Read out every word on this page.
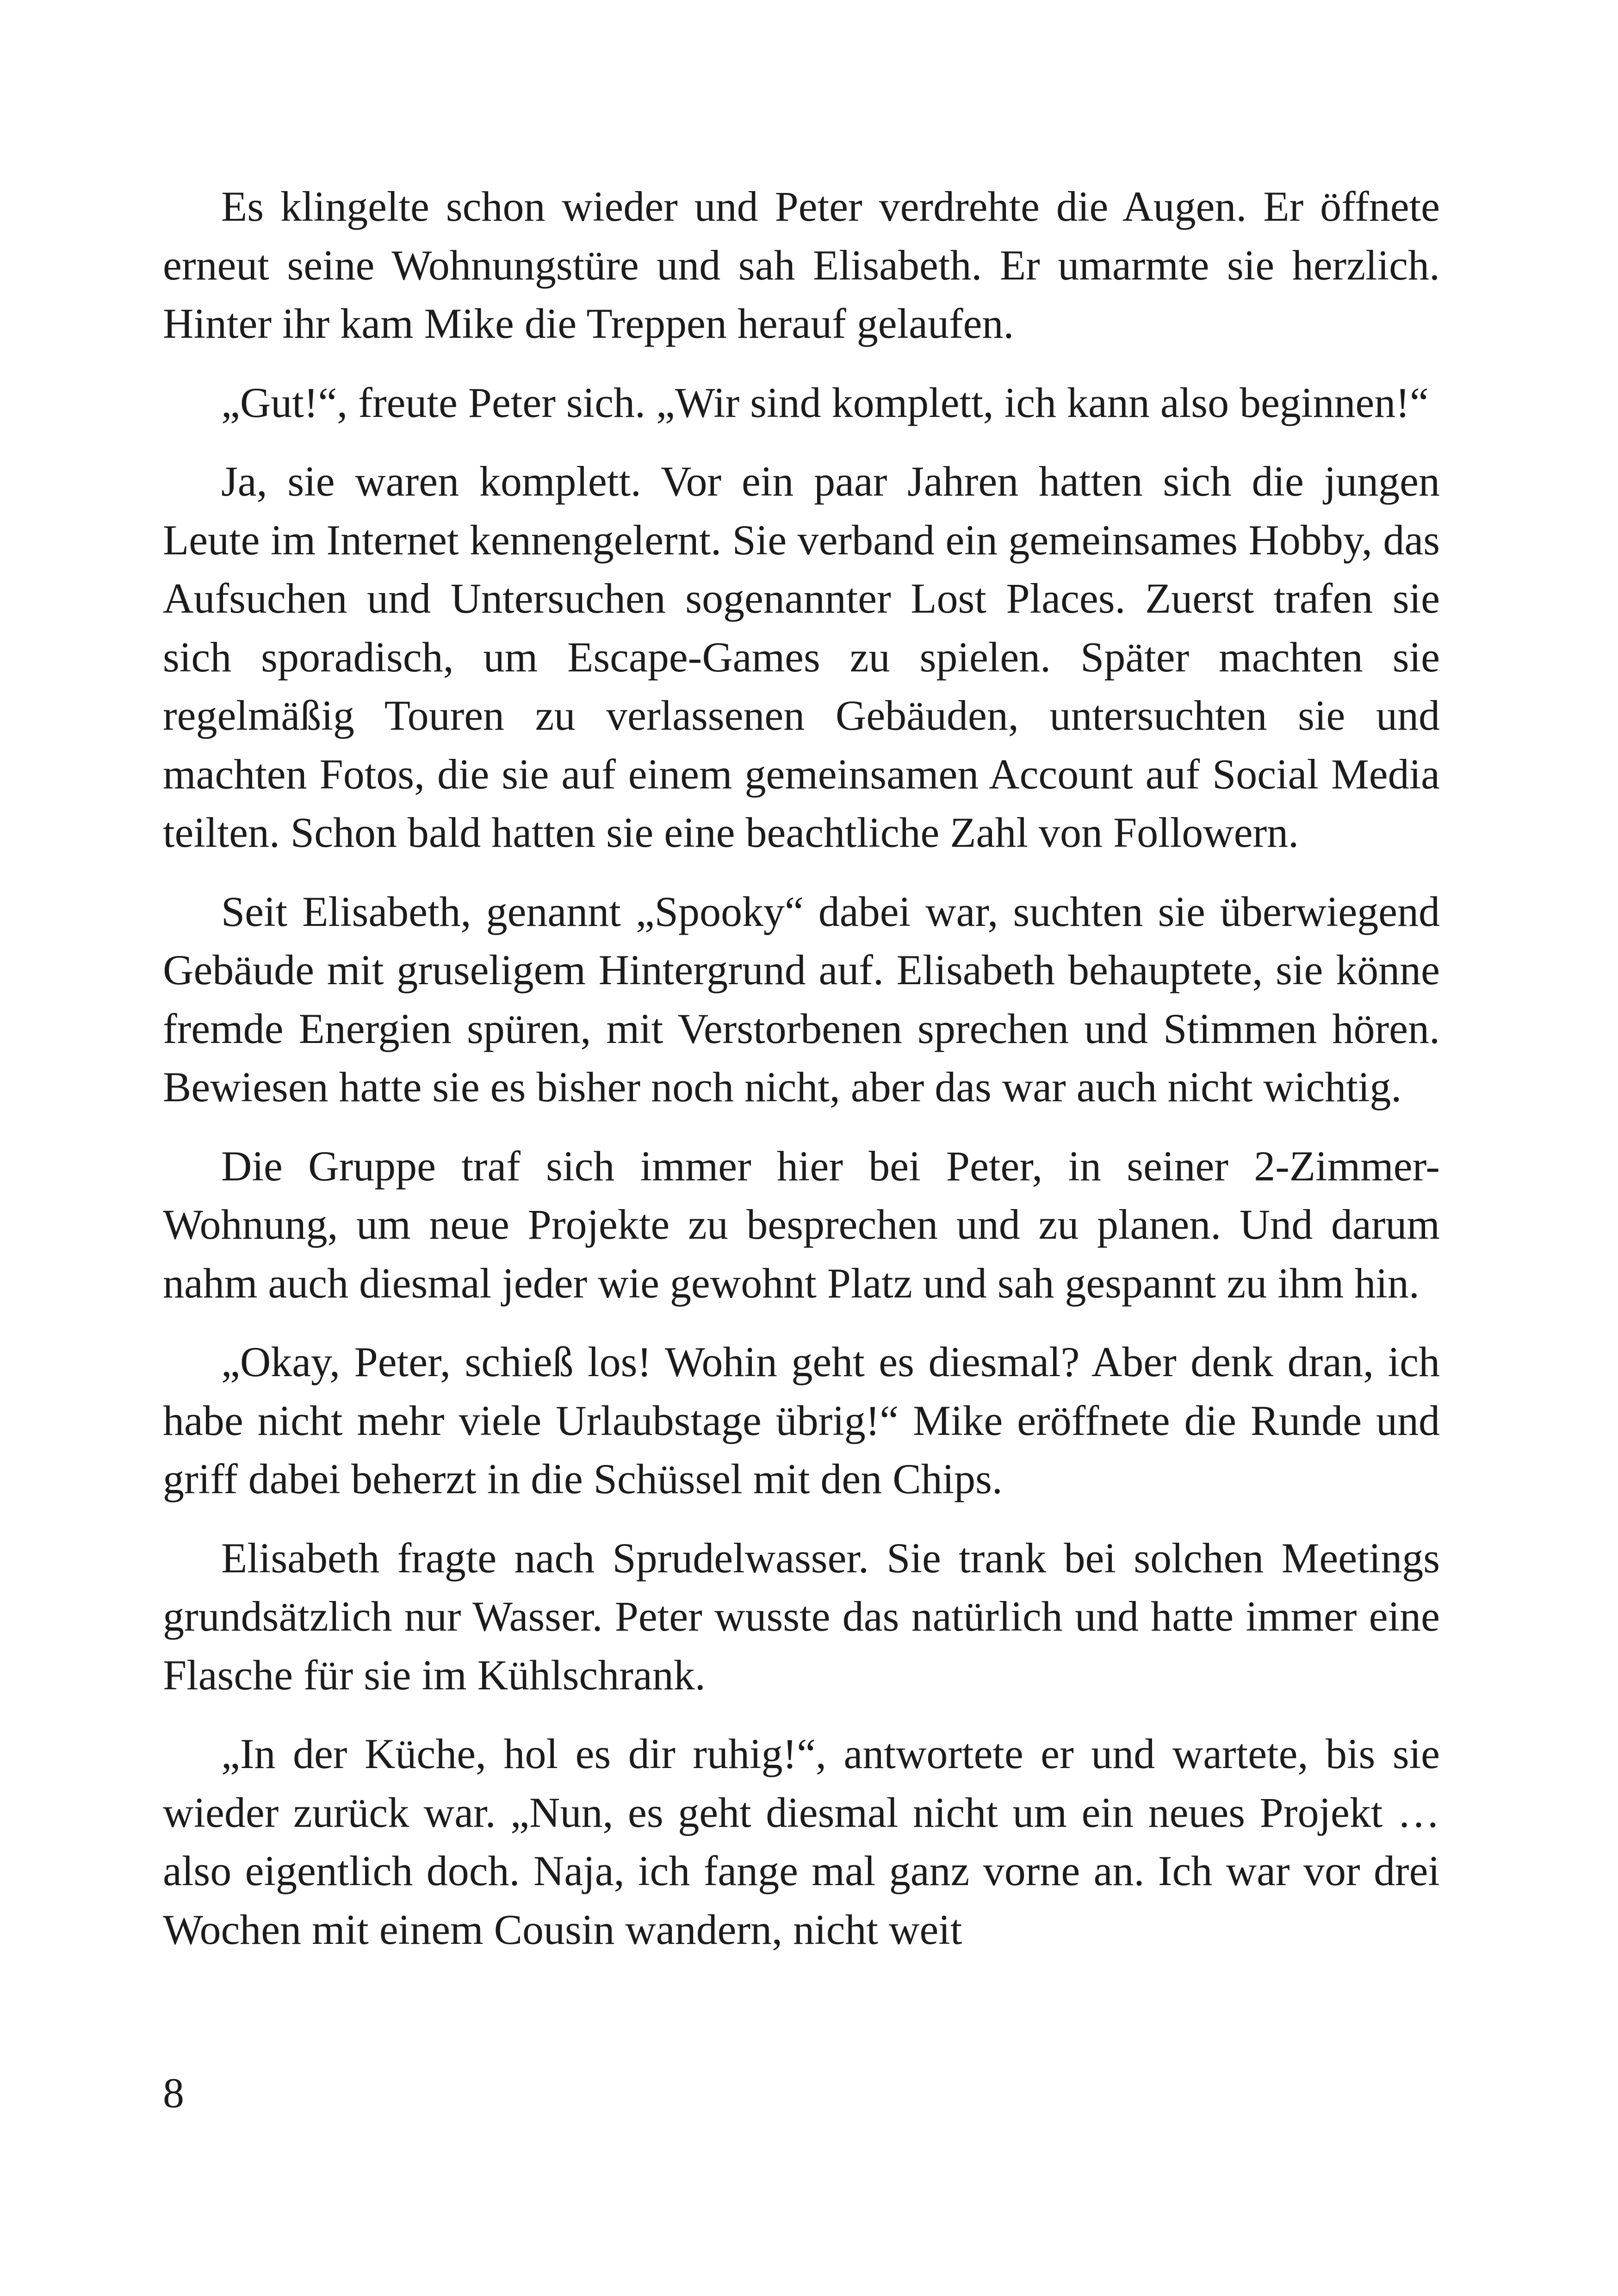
Es klingelte schon wieder und Peter verdrehte die Augen. Er öffnete erneut seine Wohnungstüre und sah Elisabeth. Er umarmte sie herzlich. Hinter ihr kam Mike die Treppen herauf gelaufen.

„Gut!“, freute Peter sich. „Wir sind komplett, ich kann also beginnen!“

Ja, sie waren komplett. Vor ein paar Jahren hatten sich die jungen Leute im Internet kennengelernt. Sie verband ein gemeinsames Hobby, das Aufsuchen und Untersuchen sogenannter Lost Places. Zuerst trafen sie sich sporadisch, um Escape-Games zu spielen. Später machten sie regelmäßig Touren zu verlassenen Gebäuden, untersuchten sie und machten Fotos, die sie auf einem gemeinsamen Account auf Social Media teilten. Schon bald hatten sie eine beachtliche Zahl von Followern.

Seit Elisabeth, genannt „Spooky“ dabei war, suchten sie überwiegend Gebäude mit gruseligem Hintergrund auf. Elisabeth behauptete, sie könne fremde Energien spüren, mit Verstorbenen sprechen und Stimmen hören. Bewiesen hatte sie es bisher noch nicht, aber das war auch nicht wichtig.

Die Gruppe traf sich immer hier bei Peter, in seiner 2-Zimmer-Wohnung, um neue Projekte zu besprechen und zu planen. Und darum nahm auch diesmal jeder wie gewohnt Platz und sah gespannt zu ihm hin.

„Okay, Peter, schieß los! Wohin geht es diesmal? Aber denk dran, ich habe nicht mehr viele Urlaubstage übrig!“ Mike eröffnete die Runde und griff dabei beherzt in die Schüssel mit den Chips.

Elisabeth fragte nach Sprudelwasser. Sie trank bei solchen Meetings grundsätzlich nur Wasser. Peter wusste das natürlich und hatte immer eine Flasche für sie im Kühlschrank.

„In der Küche, hol es dir ruhig!“, antwortete er und wartete, bis sie wieder zurück war. „Nun, es geht diesmal nicht um ein neues Projekt … also eigentlich doch. Naja, ich fange mal ganz vorne an. Ich war vor drei Wochen mit einem Cousin wandern, nicht weit

8
